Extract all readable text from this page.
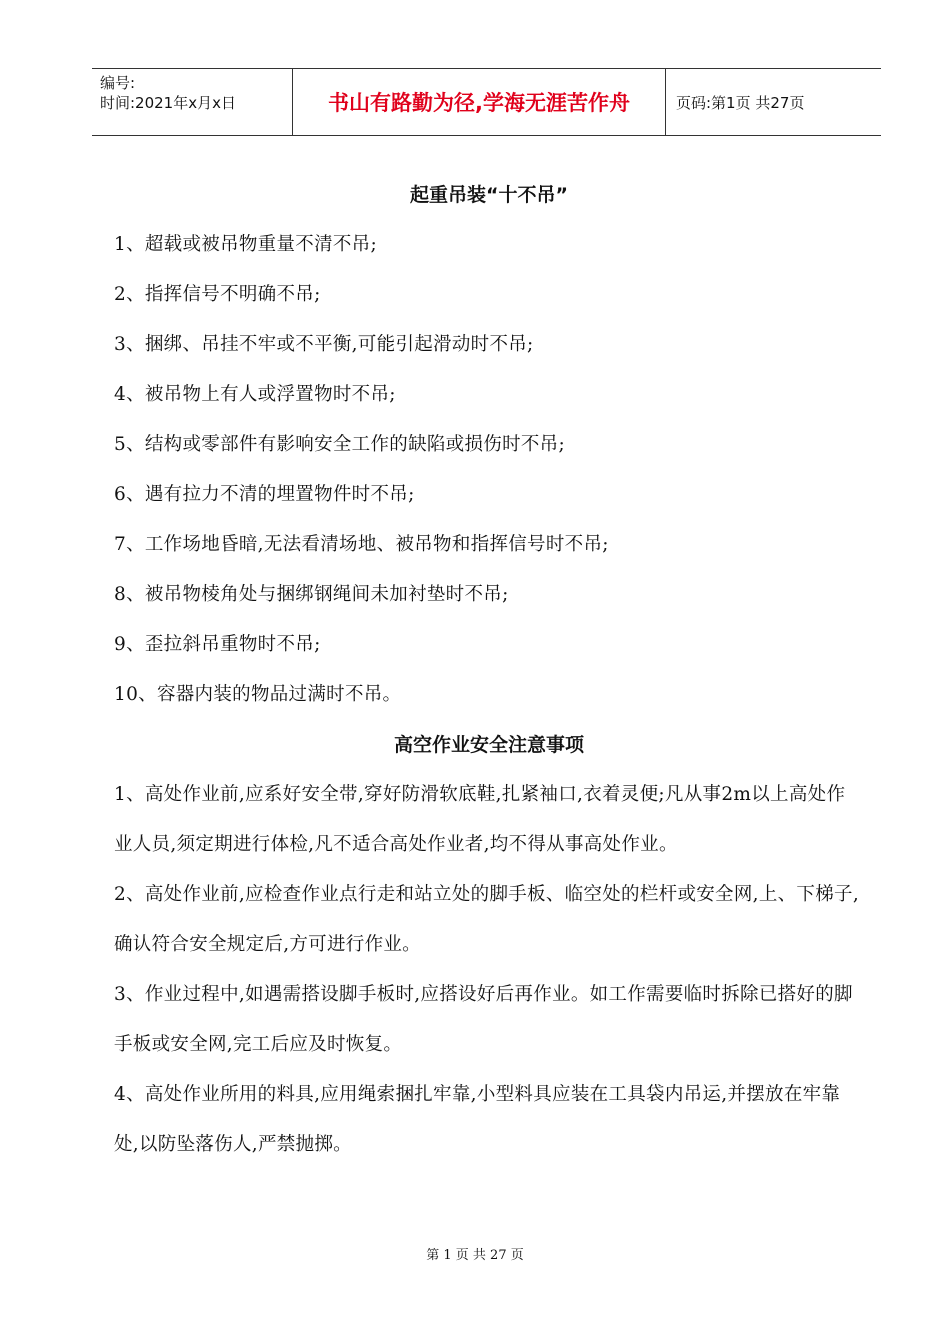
编号:
时间:2021年x月x日	书山有路勤为径,学海无涯苦作舟	页码:第1页 共27页
起重吊装“十不吊”
1、超载或被吊物重量不清不吊;
2、指挥信号不明确不吊;
3、捆绑、吊挂不牢或不平衡,可能引起滑动时不吊;
4、被吊物上有人或浮置物时不吊;
5、结构或零部件有影响安全工作的缺陷或损伤时不吊;
6、遇有拉力不清的埋置物件时不吊;
7、工作场地昏暗,无法看清场地、被吊物和指挥信号时不吊;
8、被吊物棱角处与捆绑钢绳间未加衬垫时不吊;
9、歪拉斜吊重物时不吊;
10、容器内装的物品过满时不吊。
高空作业安全注意事项
1、高处作业前,应系好安全带,穿好防滑软底鞋,扎紧袖口,衣着灵便;凡从事2m以上高处作业人员,须定期进行体检,凡不适合高处作业者,均不得从事高处作业。
2、高处作业前,应检查作业点行走和站立处的脚手板、临空处的栏杆或安全网,上、下梯子,确认符合安全规定后,方可进行作业。
3、作业过程中,如遇需搭设脚手板时,应搭设好后再作业。如工作需要临时拆除已搭好的脚手板或安全网,完工后应及时恢复。
4、高处作业所用的料具,应用绳索捆扎牢靠,小型料具应装在工具袋内吊运,并摆放在牢靠处,以防坠落伤人,严禁抛掷。
第 1 页 共 27 页
